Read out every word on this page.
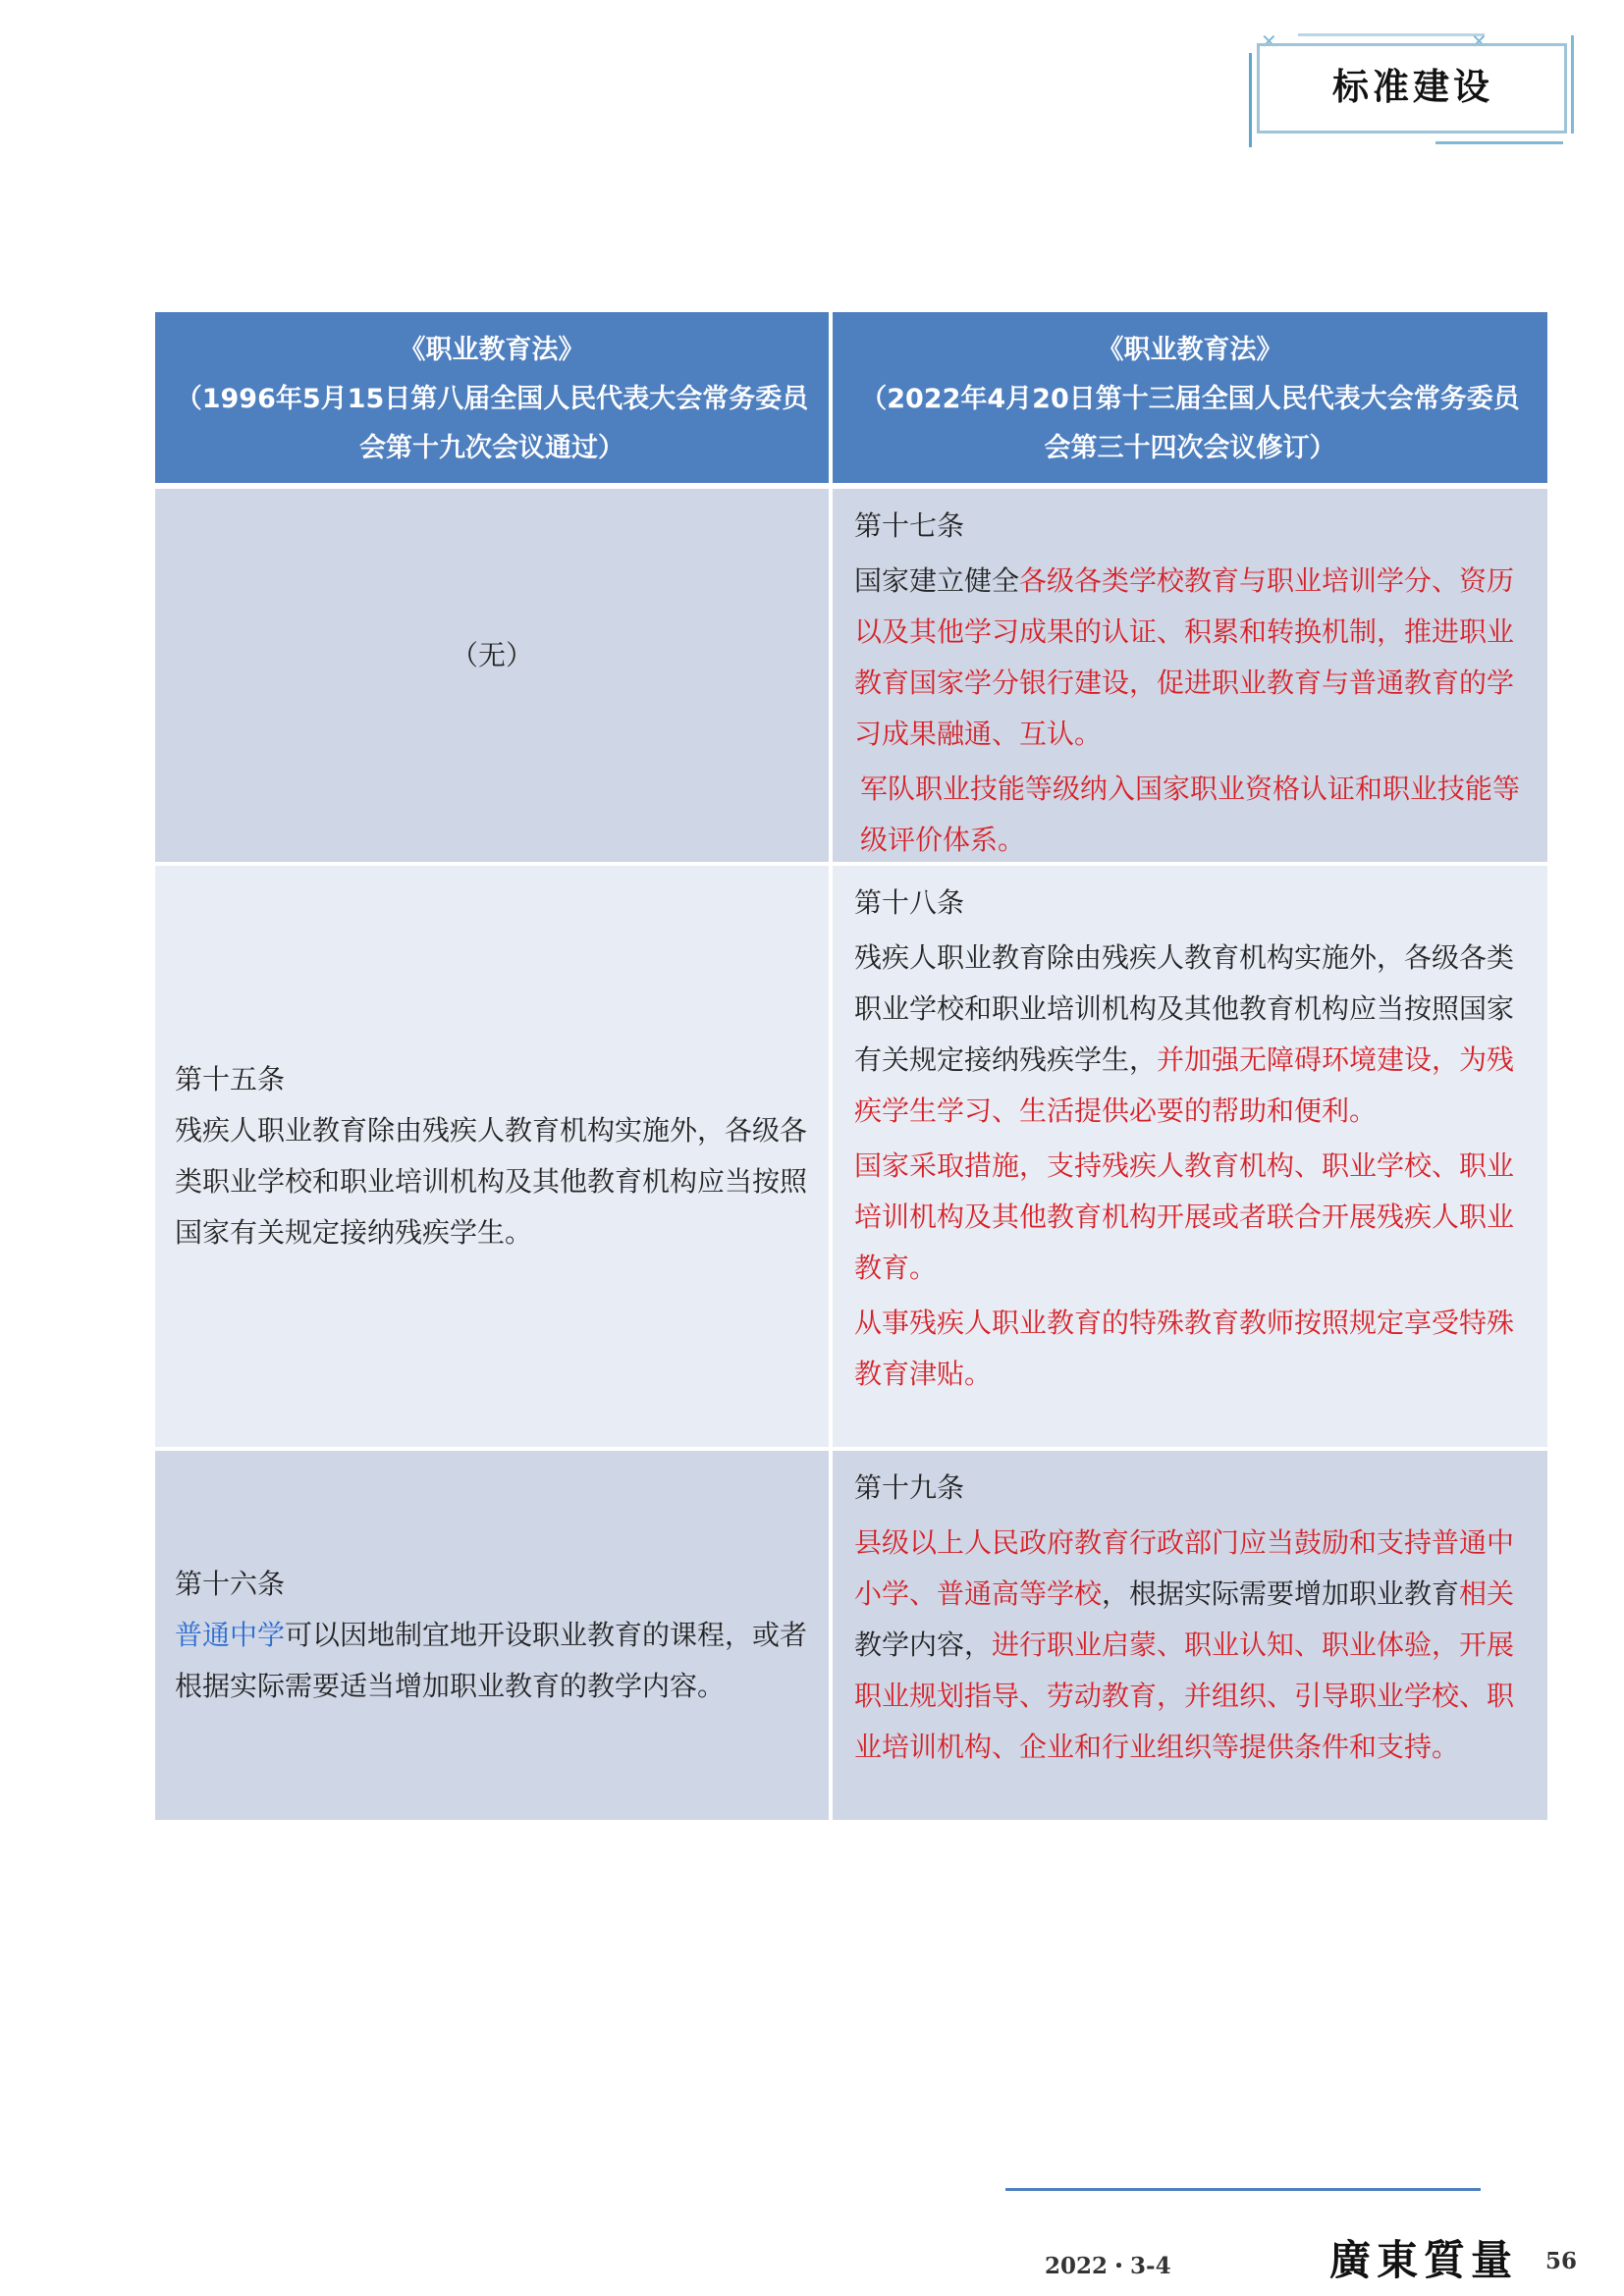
✕	✕
标准建设
《职业教育法》
（1996年5月15日第八届全国人民代表大会常务委员会第十九次会议通过）
《职业教育法》
（2022年4月20日第十三届全国人民代表大会常务委员会第三十四次会议修订）
（无）
第十七条
国家建立健全各级各类学校教育与职业培训学分、资历以及其他学习成果的认证、积累和转换机制，推进职业教育国家学分银行建设，促进职业教育与普通教育的学习成果融通、互认。
军队职业技能等级纳入国家职业资格认证和职业技能等级评价体系。
第十五条
残疾人职业教育除由残疾人教育机构实施外，各级各类职业学校和职业培训机构及其他教育机构应当按照国家有关规定接纳残疾学生。
第十八条
残疾人职业教育除由残疾人教育机构实施外，各级各类职业学校和职业培训机构及其他教育机构应当按照国家有关规定接纳残疾学生，并加强无障碍环境建设，为残疾学生学习、生活提供必要的帮助和便利。
国家采取措施，支持残疾人教育机构、职业学校、职业培训机构及其他教育机构开展或者联合开展残疾人职业教育。
从事残疾人职业教育的特殊教育教师按照规定享受特殊教育津贴。
第十六条
普通中学可以因地制宜地开设职业教育的课程，或者根据实际需要适当增加职业教育的教学内容。
第十九条
县级以上人民政府教育行政部门应当鼓励和支持普通中小学、普通高等学校，根据实际需要增加职业教育相关教学内容，进行职业启蒙、职业认知、职业体验，开展职业规划指导、劳动教育，并组织、引导职业学校、职业培训机构、企业和行业组织等提供条件和支持。
2022・3-4	廣東質量 56
